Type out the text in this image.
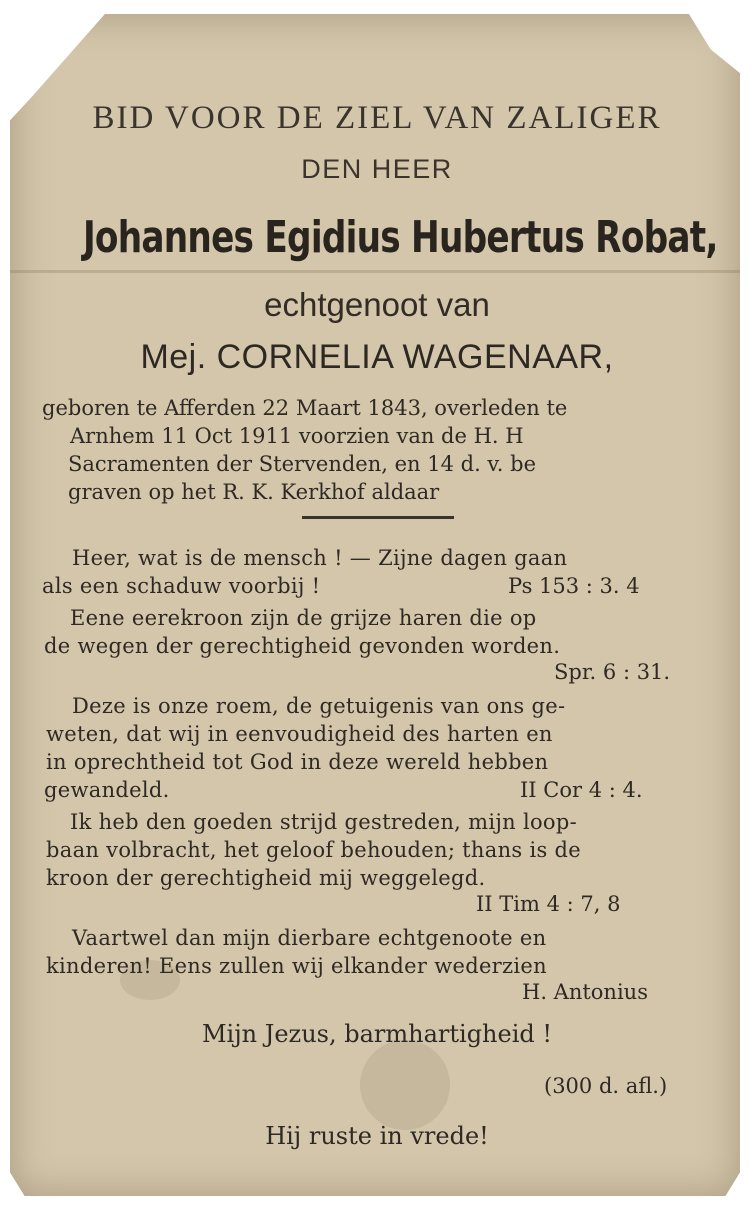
BID VOOR DE ZIEL VAN ZALIGER
DEN HEER
Johannes Egidius Hubertus Robat,
echtgenoot van
Mej. CORNELIA WAGENAAR,
geboren te Afferden 22 Maart 1843, overleden te
Arnhem 11 Oct 1911 voorzien van de H. H
Sacramenten der Stervenden, en 14 d. v. be
graven op het R. K. Kerkhof aldaar
Heer, wat is de mensch ! — Zijne dagen gaan
als een schaduw voorbij !	Ps 153 : 3. 4
Eene eerekroon zijn de grijze haren die op
de wegen der gerechtigheid gevonden worden.
Spr. 6 : 31.
Deze is onze roem, de getuigenis van ons ge-
weten, dat wij in eenvoudigheid des harten en
in oprechtheid tot God in deze wereld hebben
gewandeld.	II Cor 4 : 4.
Ik heb den goeden strijd gestreden, mijn loop-
baan volbracht, het geloof behouden; thans is de
kroon der gerechtigheid mij weggelegd.
II Tim 4 : 7, 8
Vaartwel dan mijn dierbare echtgenoote en
kinderen! Eens zullen wij elkander wederzien
H. Antonius
Mijn Jezus, barmhartigheid !
(300 d. afl.)
Hij ruste in vrede!
